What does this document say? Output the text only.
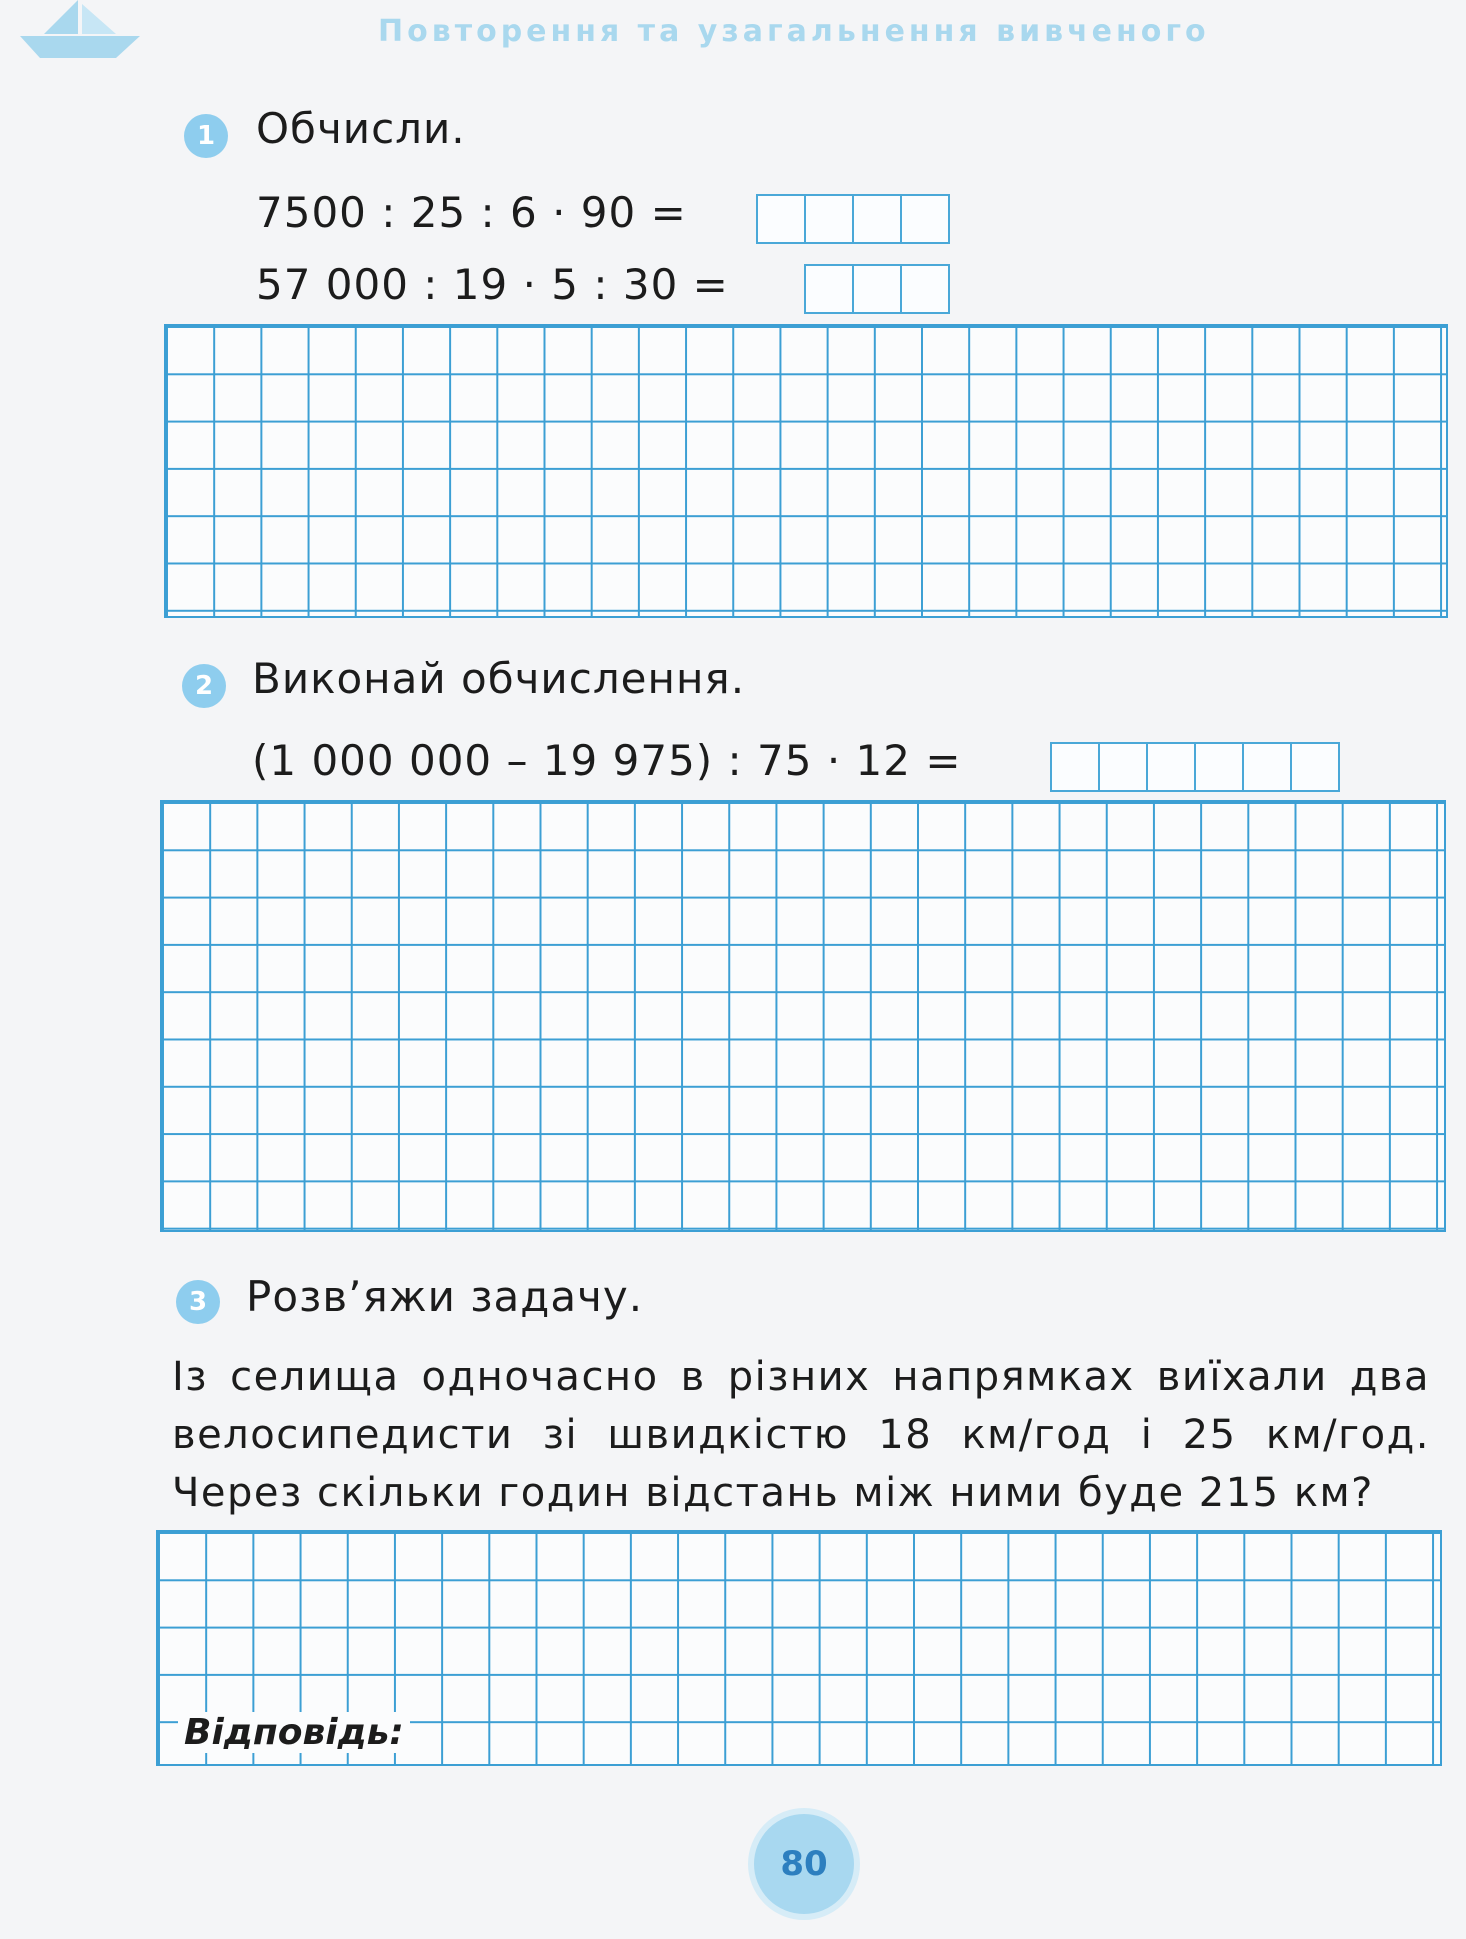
Повторення та узагальнення вивченого
1 Обчисли.
7500 : 25 : 6 · 90 =
57 000 : 19 · 5 : 30 =
2 Виконай обчислення.
(1 000 000 – 19 975) : 75 · 12 =
3 Розв’яжи задачу.
Із селища одночасно в різних напрямках виїхали два велосипедисти зі швидкістю 18 км/год і 25 км/год. Через скільки годин відстань між ними буде 215 км?
Відповідь:
80
